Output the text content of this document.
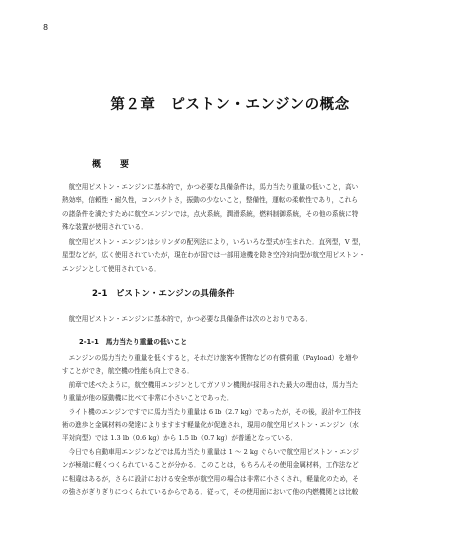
8
第２章　ピストン・エンジンの概念
概　要

　航空用ピストン・エンジンに基本的で，かつ必要な具備条件は，馬力当たり重量の低いこと，高い

熱効率，信頼性・耐久性，コンパクトさ，振動の少ないこと，整備性，運転の柔軟性であり，これら

の諸条件を満たすために航空エンジンでは，点火系統，潤滑系統，燃料制御系統，その他の系統に特

殊な装置が使用されている．

　航空用ピストン・エンジンはシリンダの配列法により，いろいろな型式が生まれた．直列型，V 型，

星型などが，広く使用されていたが，現在わが国では一部用途機を除き空冷対向型が航空用ピストン・

エンジンとして使用されている．

2-1　ピストン・エンジンの具備条件

　航空用ピストン・エンジンに基本的で，かつ必要な具備条件は次のとおりである．

2-1-1　馬力当たり重量の低いこと

　エンジンの馬力当たり重量を低くすると，それだけ旅客や貨物などの有償荷重（Payload）を増や

すことができ，航空機の性能も向上できる．

　前章で述べたように，航空機用エンジンとしてガソリン機関が採用された最大の理由は，馬力当た

り重量が他の原動機に比べて非常に小さいことであった．

　ライト機のエンジンですでに馬力当たり重量は 6 lb（2.7 kg）であったが，その後，設計や工作技

術の進歩と金属材料の発達によりますます軽量化が促進され，現用の航空用ピストン・エンジン（水

平対向型）では 1.3 lb（0.6 kg）から 1.5 lb（0.7 kg）が普通となっている．

　今日でも自動車用エンジンなどでは馬力当たり重量は 1 ～ 2 kg ぐらいで航空用ピストン・エンジ

ンが極端に軽くつくられていることが分かる．このことは，もちろんその使用金属材料，工作法など

に相違はあるが，さらに設計における安全率が航空用の場合は非常に小さくされ，軽量化のため，そ

の強さがぎりぎりにつくられているからである．従って，その使用面において他の内燃機関とは比較
